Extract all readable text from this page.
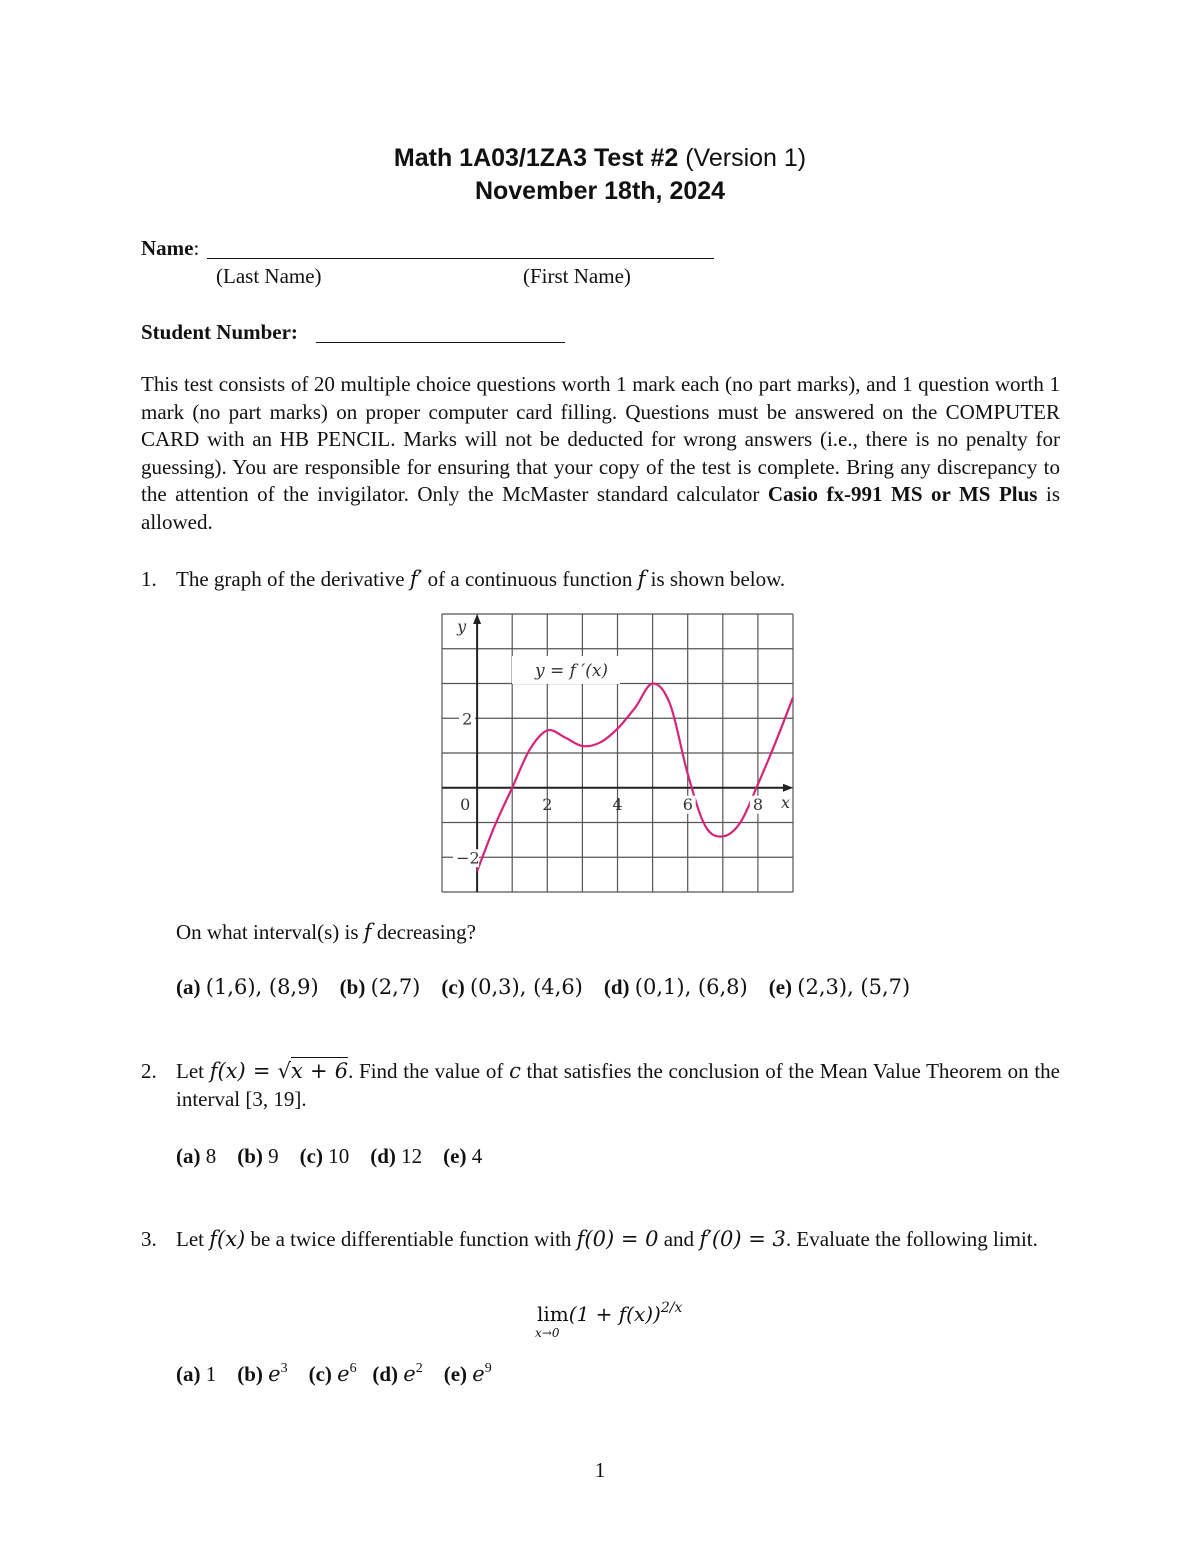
Math 1A03/1ZA3 Test #2 (Version 1)
November 18th, 2024
Name:
(Last Name)	(First Name)
Student Number:
This test consists of 20 multiple choice questions worth 1 mark each (no part marks), and 1 question worth 1 mark (no part marks) on proper computer card filling. Questions must be answered on the COMPUTER CARD with an HB PENCIL. Marks will not be deducted for wrong answers (i.e., there is no penalty for guessing). You are responsible for ensuring that your copy of the test is complete. Bring any discrepancy to the attention of the invigilator. Only the McMaster standard calculator Casio fx-991 MS or MS Plus is allowed.
1. The graph of the derivative f′ of a continuous function f is shown below.
2	4	6	8
2
−2
0	x
y
y = f ′(x)
On what interval(s) is f decreasing?
(a) (1,6), (8,9) (b) (2,7) (c) (0,3), (4,6) (d) (0,1), (6,8) (e) (2,3), (5,7)
2. Let f(x) = √x + 6. Find the value of c that satisfies the conclusion of the Mean Value Theorem on the interval [3, 19].
(a) 8 (b) 9 (c) 10 (d) 12 (e) 4
3. Let f(x) be a twice differentiable function with f(0) = 0 and f′(0) = 3. Evaluate the following limit.
lim
x→0
$(1 + f(x))^{2/x}$
(a) 1 (b) $e^3$ (c) $e^6$ (d) $e^2$ (e) $e^9$
1
